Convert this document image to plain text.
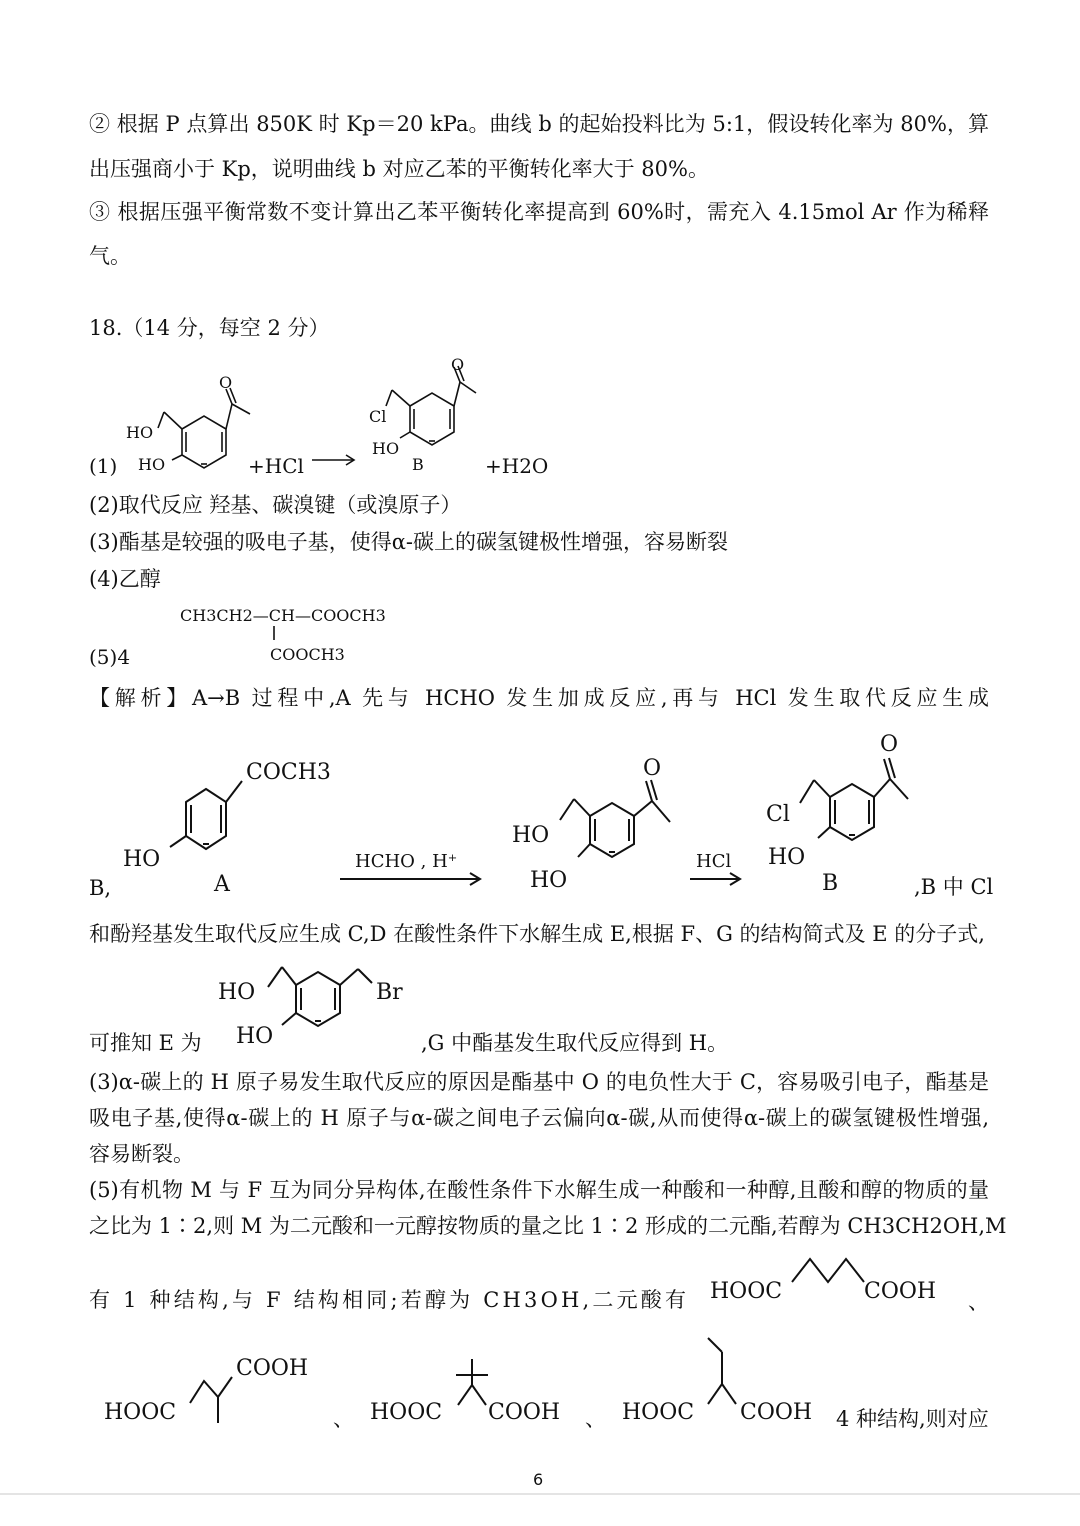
② 根据 P 点算出 850K 时 Kp＝20 kPa。曲线 b 的起始投料比为 5:1，假设转化率为 80%，算
出压强商小于 Kp，说明曲线 b 对应乙苯的平衡转化率大于 80%。
③ 根据压强平衡常数不变计算出乙苯平衡转化率提高到 60%时，需充入 4.15mol Ar 作为稀释
气。
18.（14 分，每空 2 分）
(1)
O
HO
HO	+HCl
O
Cl
HO
B	+H2O
(2)取代反应 羟基、碳溴键（或溴原子）
(3)酯基是较强的吸电子基，使得α-碳上的碳氢键极性增强，容易断裂
(4)乙醇
(5)4
CH3CH2—CH—COOCH3
COOCH3
【解析】A→B 过程中,A 先与 HCHO 发生加成反应,再与 HCl 发生取代反应生成
B,
COCH3
HO
A
HCHO , H⁺
O
HO
HO
HCl
O
Cl
HO
B	,B 中 Cl
和酚羟基发生取代反应生成 C,D 在酸性条件下水解生成 E,根据 F、G 的结构简式及 E 的分子式,
Br
HO
HO
可推知 E 为	,G 中酯基发生取代反应得到 H。
(3)α-碳上的 H 原子易发生取代反应的原因是酯基中 O 的电负性大于 C，容易吸引电子，酯基是
吸电子基,使得α-碳上的 H 原子与α-碳之间电子云偏向α-碳,从而使得α-碳上的碳氢键极性增强,
容易断裂。
(5)有机物 M 与 F 互为同分异构体,在酸性条件下水解生成一种酸和一种醇,且酸和醇的物质的量
之比为 1∶2,则 M 为二元酸和一元醇按物质的量之比 1∶2 形成的二元酯,若醇为 CH3CH2OH,M
有 1 种结构,与 F 结构相同;若醇为 CH3OH,二元酸有 HOOC	COOH 、
HOOC
COOH
、 HOOC COOH 、 HOOC COOH 4 种结构,则对应
6
